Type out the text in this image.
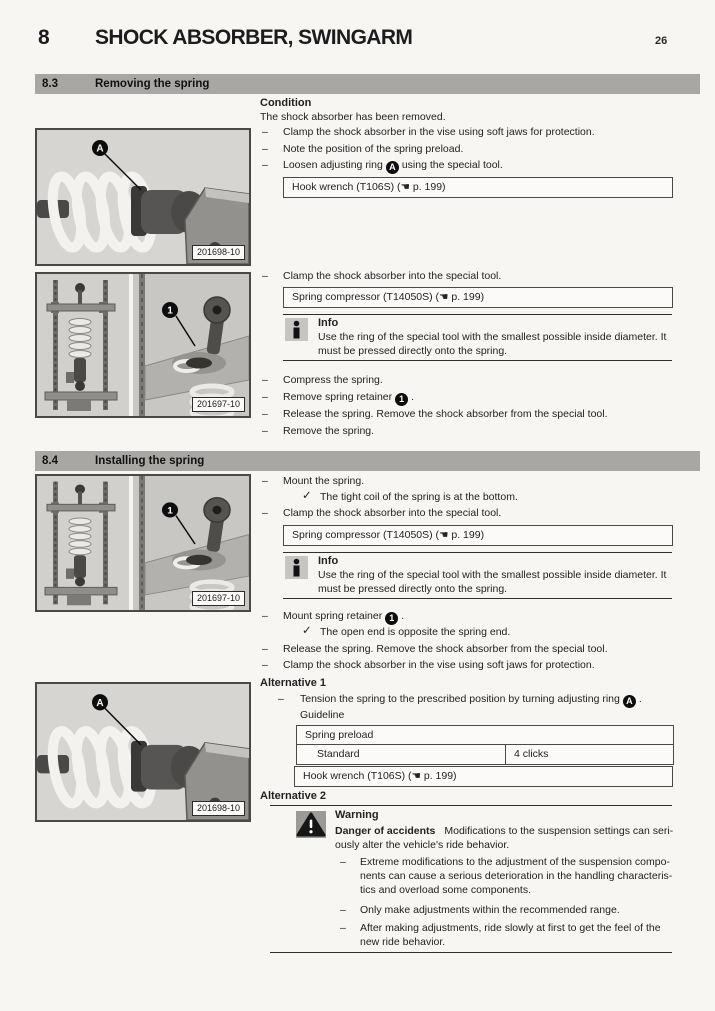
8 SHOCK ABSORBER, SWINGARM	26
8.3	Removing the spring
A
201698-10
1
201697-10
Condition
The shock absorber has been removed.
– Clamp the shock absorber in the vise using soft jaws for protection.
– Note the position of the spring preload.
– Loosen adjusting ring A using the special tool.
Hook wrench (T106S) (☚ p. 199)
– Clamp the shock absorber into the special tool.
Spring compressor (T14050S) (☚ p. 199)
Info
Use the ring of the special tool with the smallest possible inside diameter. It
must be pressed directly onto the spring.
– Compress the spring.
– Remove spring retainer 1 .
– Release the spring. Remove the shock absorber from the special tool.
– Remove the spring.
8.4	Installing the spring
1
201697-10
A
201698-10
– Mount the spring.
✓ The tight coil of the spring is at the bottom.
– Clamp the shock absorber into the special tool.
Spring compressor (T14050S) (☚ p. 199)
Info
Use the ring of the special tool with the smallest possible inside diameter. It
must be pressed directly onto the spring.
– Mount spring retainer 1 .
✓ The open end is opposite the spring end.
– Release the spring. Remove the shock absorber from the special tool.
– Clamp the shock absorber in the vise using soft jaws for protection.
Alternative 1
– Tension the spring to the prescribed position by turning adjusting ring A .
Guideline
Spring preload
Standard	4 clicks
Hook wrench (T106S) (☚ p. 199)
Alternative 2
Warning
Danger of accidents Modifications to the suspension settings can seri-
ously alter the vehicle's ride behavior.
– Extreme modifications to the adjustment of the suspension compo-
nents can cause a serious deterioration in the handling characteris-
tics and overload some components.
– Only make adjustments within the recommended range.
– After making adjustments, ride slowly at first to get the feel of the
new ride behavior.
